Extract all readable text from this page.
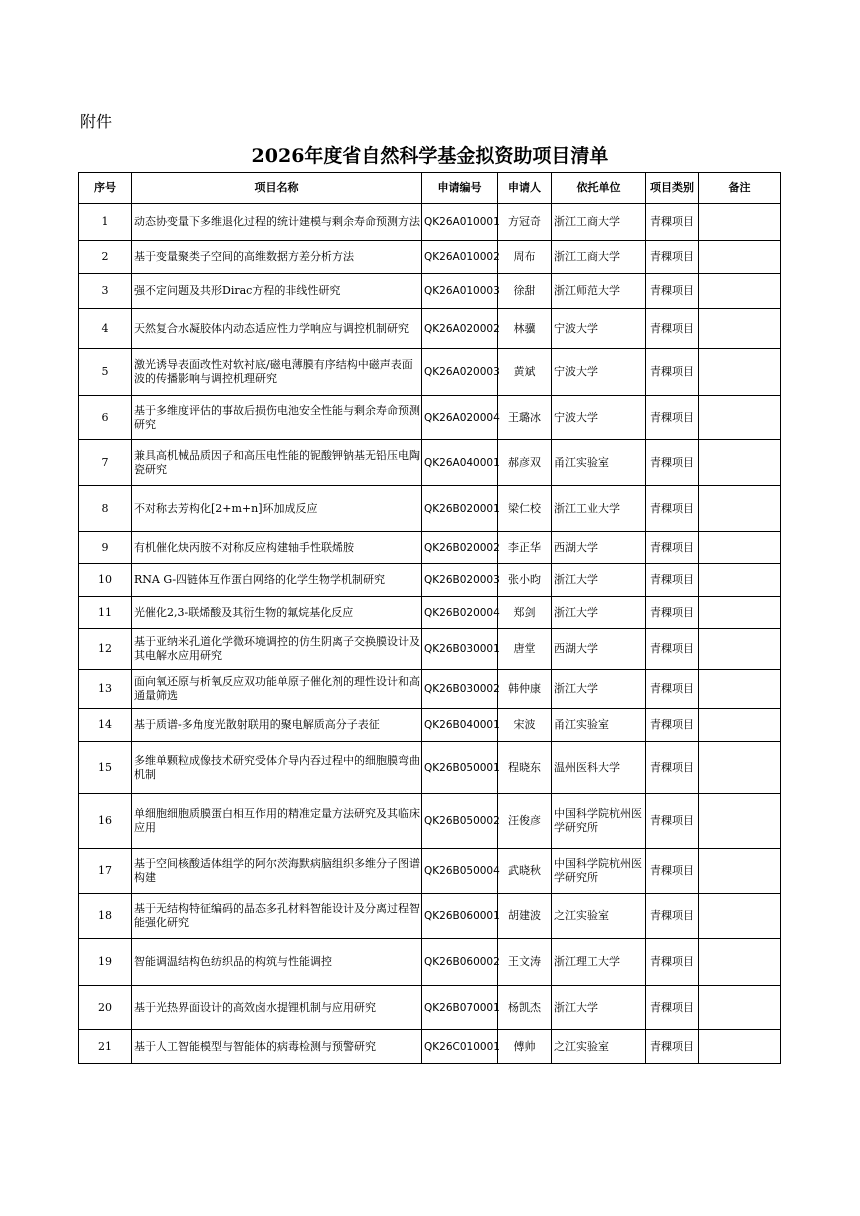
附件
2026年度省自然科学基金拟资助项目清单
序号	项目名称	申请编号	申请人	依托单位	项目类别	备注
1	动态协变量下多维退化过程的统计建模与剩余寿命预测方法	QK26A010001	方冠奇	浙江工商大学	青稞项目	
2	基于变量聚类子空间的高维数据方差分析方法	QK26A010002	周布	浙江工商大学	青稞项目	
3	强不定问题及共形Dirac方程的非线性研究	QK26A010003	徐甜	浙江师范大学	青稞项目	
4	天然复合水凝胶体内动态适应性力学响应与调控机制研究	QK26A020002	林骥	宁波大学	青稞项目	
5	激光诱导表面改性对软衬底/磁电薄膜有序结构中磁声表面波的传播影响与调控机理研究	QK26A020003	黄斌	宁波大学	青稞项目	
6	基于多维度评估的事故后损伤电池安全性能与剩余寿命预测研究	QK26A020004	王璐冰	宁波大学	青稞项目	
7	兼具高机械品质因子和高压电性能的铌酸钾钠基无铅压电陶瓷研究	QK26A040001	郝彦双	甬江实验室	青稞项目	
8	不对称去芳构化[2+m+n]环加成反应	QK26B020001	梁仁校	浙江工业大学	青稞项目	
9	有机催化炔丙胺不对称反应构建轴手性联烯胺	QK26B020002	李正华	西湖大学	青稞项目	
10	RNA G-四链体互作蛋白网络的化学生物学机制研究	QK26B020003	张小昀	浙江大学	青稞项目	
11	光催化2,3-联烯酸及其衍生物的氟烷基化反应	QK26B020004	郑剑	浙江大学	青稞项目	
12	基于亚纳米孔道化学微环境调控的仿生阴离子交换膜设计及其电解水应用研究	QK26B030001	唐堂	西湖大学	青稞项目	
13	面向氧还原与析氧反应双功能单原子催化剂的理性设计和高通量筛选	QK26B030002	韩仲康	浙江大学	青稞项目	
14	基于质谱-多角度光散射联用的聚电解质高分子表征	QK26B040001	宋波	甬江实验室	青稞项目	
15	多维单颗粒成像技术研究受体介导内吞过程中的细胞膜弯曲机制	QK26B050001	程晓东	温州医科大学	青稞项目	
16	单细胞细胞质膜蛋白相互作用的精准定量方法研究及其临床应用	QK26B050002	汪俊彦	中国科学院杭州医学研究所	青稞项目	
17	基于空间核酸适体组学的阿尔茨海默病脑组织多维分子图谱构建	QK26B050004	武晓秋	中国科学院杭州医学研究所	青稞项目	
18	基于无结构特征编码的晶态多孔材料智能设计及分离过程智能强化研究	QK26B060001	胡建波	之江实验室	青稞项目	
19	智能调温结构色纺织品的构筑与性能调控	QK26B060002	王文涛	浙江理工大学	青稞项目	
20	基于光热界面设计的高效卤水提锂机制与应用研究	QK26B070001	杨凯杰	浙江大学	青稞项目	
21	基于人工智能模型与智能体的病毒检测与预警研究	QK26C010001	傅帅	之江实验室	青稞项目	
